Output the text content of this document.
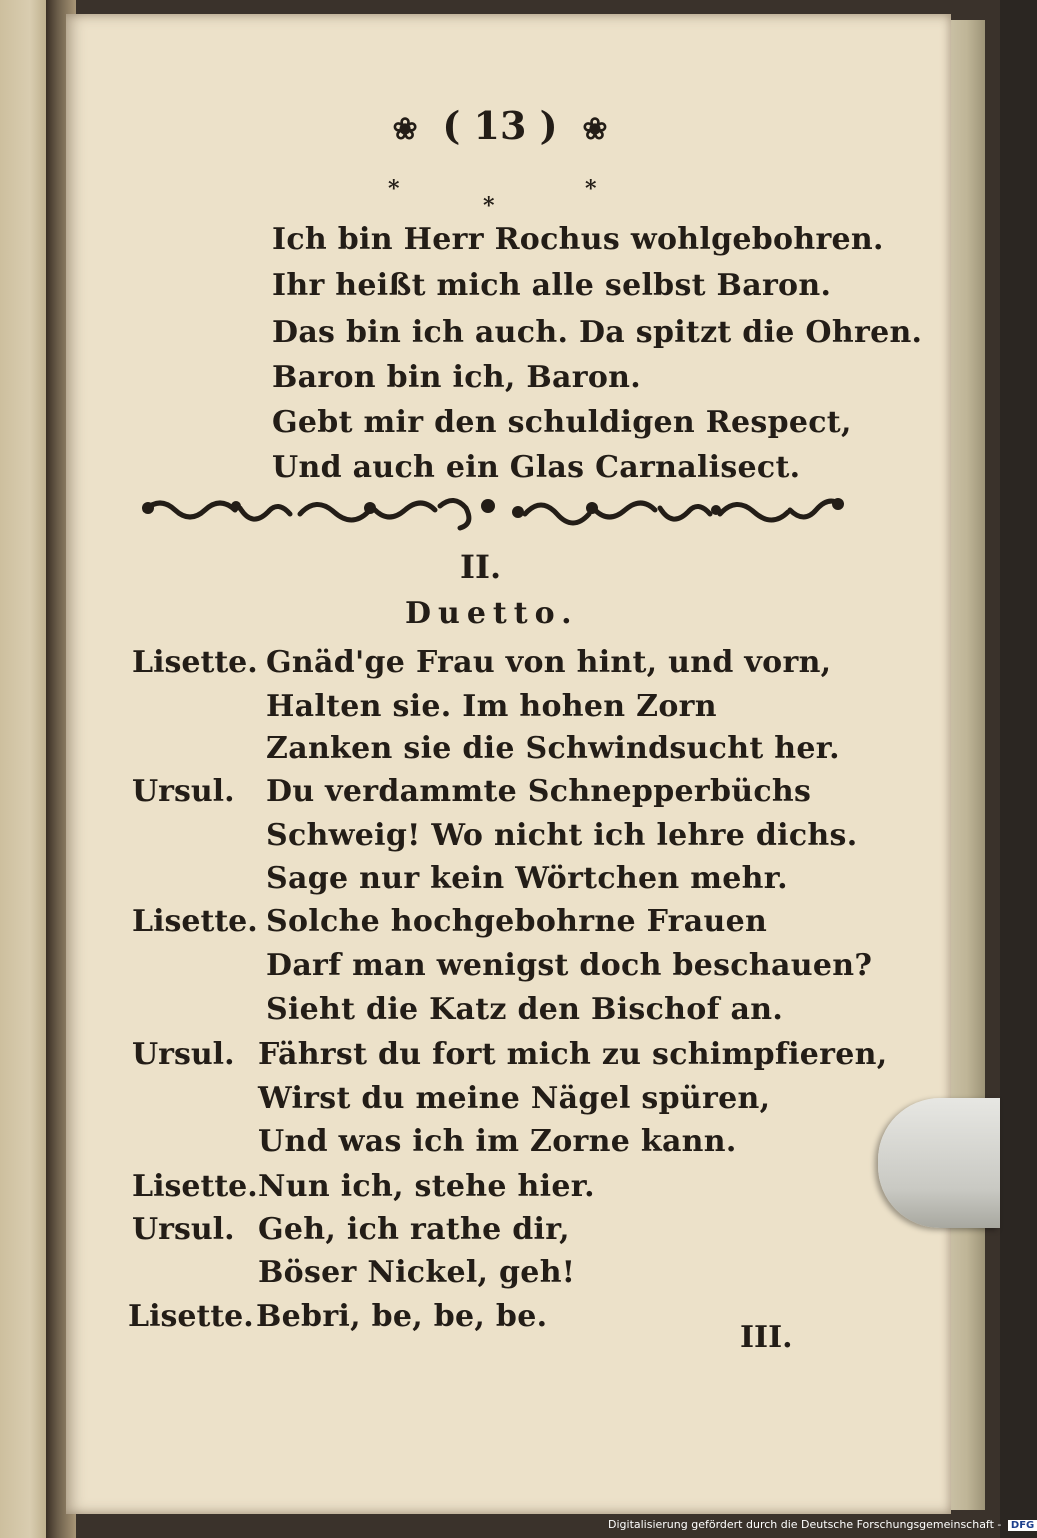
❀ ( 13 ) ❀
*
*
*
Ich bin Herr Rochus wohlgebohren.
Ihr heißt mich alle selbst Baron.
Das bin ich auch. Da spitzt die Ohren.
Baron bin ich, Baron.
Gebt mir den schuldigen Respect,
Und auch ein Glas Carnalisect.
II.
Duetto.
Lisette. Gnäd'ge Frau von hint, und vorn,
Halten sie. Im hohen Zorn
Zanken sie die Schwindsucht her.
Ursul. Du verdammte Schnepperbüchs
Schweig! Wo nicht ich lehre dichs.
Sage nur kein Wörtchen mehr.
Lisette. Solche hochgebohrne Frauen
Darf man wenigst doch beschauen?
Sieht die Katz den Bischof an.
Ursul. Fährst du fort mich zu schimpfieren,
Wirst du meine Nägel spüren,
Und was ich im Zorne kann.
Lisette. Nun ich, stehe hier.
Ursul. Geh, ich rathe dir,
Böser Nickel, geh!
Lisette. Bebri, be, be, be.
III.
Digitalisierung gefördert durch die Deutsche Forschungsgemeinschaft - DFG
